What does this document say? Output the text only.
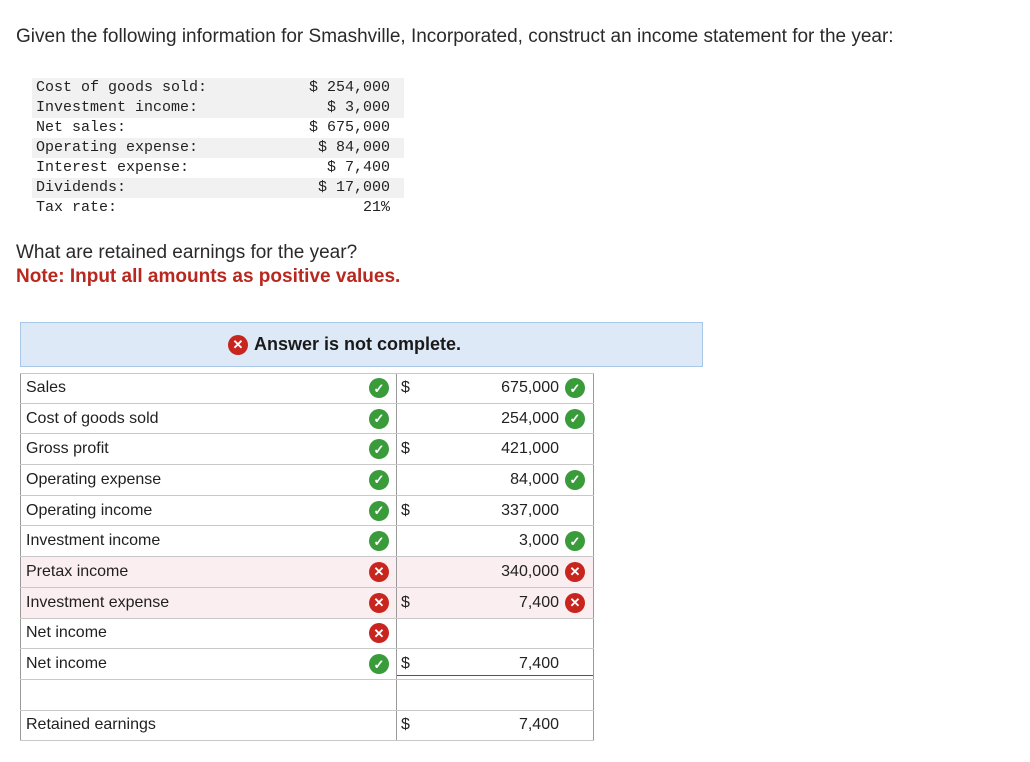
Given the following information for Smashville, Incorporated, construct an income statement for the year:
Cost of goods sold:	$ 254,000
Investment income:	$ 3,000
Net sales:	$ 675,000
Operating expense:	$ 84,000
Interest expense:	$ 7,400
Dividends:	$ 17,000
Tax rate:	21%
What are retained earnings for the year?
Note: Input all amounts as positive values.
✕ Answer is not complete.
Sales	✓ $	675,000 ✓
Cost of goods sold	✓	254,000 ✓
Gross profit	✓ $	421,000
Operating expense	✓	84,000 ✓
Operating income	✓ $	337,000
Investment income	✓	3,000 ✓
Pretax income	✕	340,000 ✕
Investment expense	✕ $	7,400 ✕
Net income	✕
Net income	✓ $	7,400
Retained earnings	$	7,400
